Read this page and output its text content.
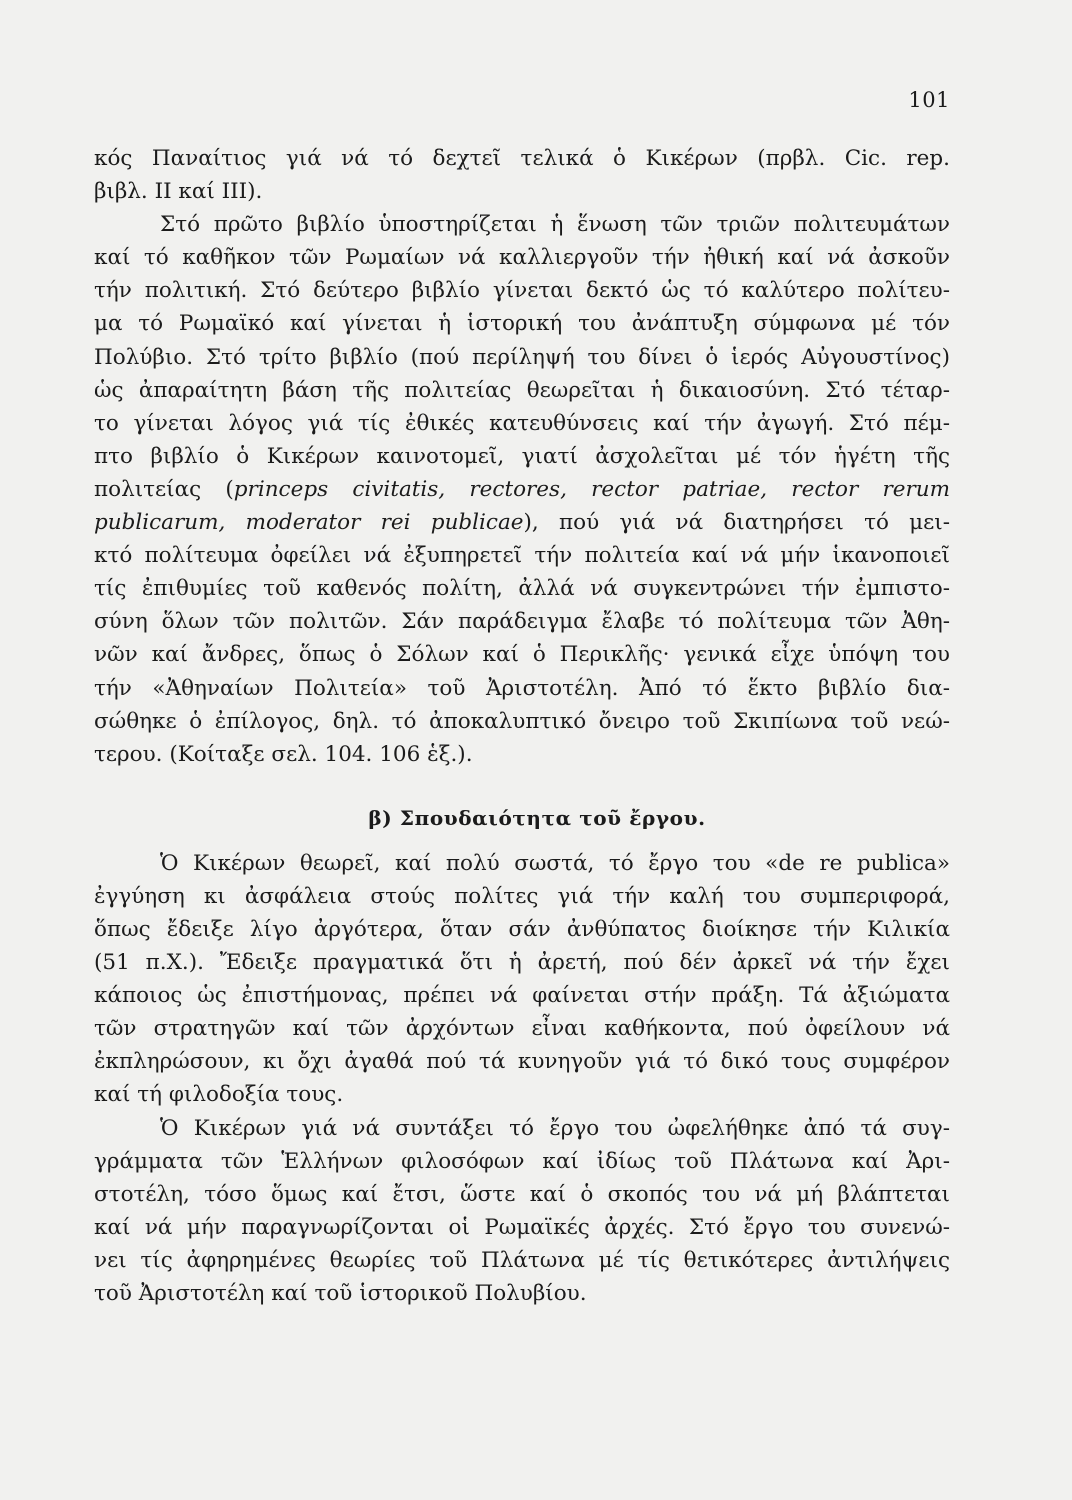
101
κός Παναίτιος γιά νά τό δεχτεῖ τελικά ὁ Κικέρων (πρβλ. Cic. rep.
βιβλ. ΙΙ καί ΙΙΙ).
Στό πρῶτο βιβλίο ὑποστηρίζεται ἡ ἕνωση τῶν τριῶν πολιτευμάτων
καί τό καθῆκον τῶν Ρωμαίων νά καλλιεργοῦν τήν ἠθική καί νά ἀσκοῦν
τήν πολιτική. Στό δεύτερο βιβλίο γίνεται δεκτό ὡς τό καλύτερο πολίτευ-
μα τό Ρωμαϊκό καί γίνεται ἡ ἱστορική του ἀνάπτυξη σύμφωνα μέ τόν
Πολύβιο. Στό τρίτο βιβλίο (πού περίληψή του δίνει ὁ ἱερός Αὐγουστίνος)
ὡς ἀπαραίτητη βάση τῆς πολιτείας θεωρεῖται ἡ δικαιοσύνη. Στό τέταρ-
το γίνεται λόγος γιά τίς ἐθικές κατευθύνσεις καί τήν ἀγωγή. Στό πέμ-
πτο βιβλίο ὁ Κικέρων καινοτομεῖ, γιατί ἀσχολεῖται μέ τόν ἡγέτη τῆς
πολιτείας (princeps civitatis, rectores, rector patriae, rector rerum
publicarum, moderator rei publicae), πού γιά νά διατηρήσει τό μει-
κτό πολίτευμα ὀφείλει νά ἐξυπηρετεῖ τήν πολιτεία καί νά μήν ἱκανοποιεῖ
τίς ἐπιθυμίες τοῦ καθενός πολίτη, ἀλλά νά συγκεντρώνει τήν ἐμπιστο-
σύνη ὅλων τῶν πολιτῶν. Σάν παράδειγμα ἔλαβε τό πολίτευμα τῶν Ἀθη-
νῶν καί ἄνδρες, ὅπως ὁ Σόλων καί ὁ Περικλῆς· γενικά εἶχε ὑπόψη του
τήν «Ἀθηναίων Πολιτεία» τοῦ Ἀριστοτέλη. Ἀπό τό ἕκτο βιβλίο δια-
σώθηκε ὁ ἐπίλογος, δηλ. τό ἀποκαλυπτικό ὄνειρο τοῦ Σκιπίωνα τοῦ νεώ-
τερου. (Κοίταξε σελ. 104. 106 ἑξ.).
β) Σπουδαιότητα τοῦ ἔργου.
Ὁ Κικέρων θεωρεῖ, καί πολύ σωστά, τό ἔργο του «de re publica»
ἐγγύηση κι ἀσφάλεια στούς πολίτες γιά τήν καλή του συμπεριφορά,
ὅπως ἔδειξε λίγο ἀργότερα, ὅταν σάν ἀνθύπατος διοίκησε τήν Κιλικία
(51 π.Χ.). Ἔδειξε πραγματικά ὅτι ἡ ἀρετή, πού δέν ἀρκεῖ νά τήν ἔχει
κάποιος ὡς ἐπιστήμονας, πρέπει νά φαίνεται στήν πράξη. Τά ἀξιώματα
τῶν στρατηγῶν καί τῶν ἀρχόντων εἶναι καθήκοντα, πού ὀφείλουν νά
ἐκπληρώσουν, κι ὄχι ἀγαθά πού τά κυνηγοῦν γιά τό δικό τους συμφέρον
καί τή φιλοδοξία τους.
Ὁ Κικέρων γιά νά συντάξει τό ἔργο του ὠφελήθηκε ἀπό τά συγ-
γράμματα τῶν Ἑλλήνων φιλοσόφων καί ἰδίως τοῦ Πλάτωνα καί Ἀρι-
στοτέλη, τόσο ὅμως καί ἔτσι, ὥστε καί ὁ σκοπός του νά μή βλάπτεται
καί νά μήν παραγνωρίζονται οἱ Ρωμαϊκές ἀρχές. Στό ἔργο του συνενώ-
νει τίς ἀφηρημένες θεωρίες τοῦ Πλάτωνα μέ τίς θετικότερες ἀντιλήψεις
τοῦ Ἀριστοτέλη καί τοῦ ἱστορικοῦ Πολυβίου.
